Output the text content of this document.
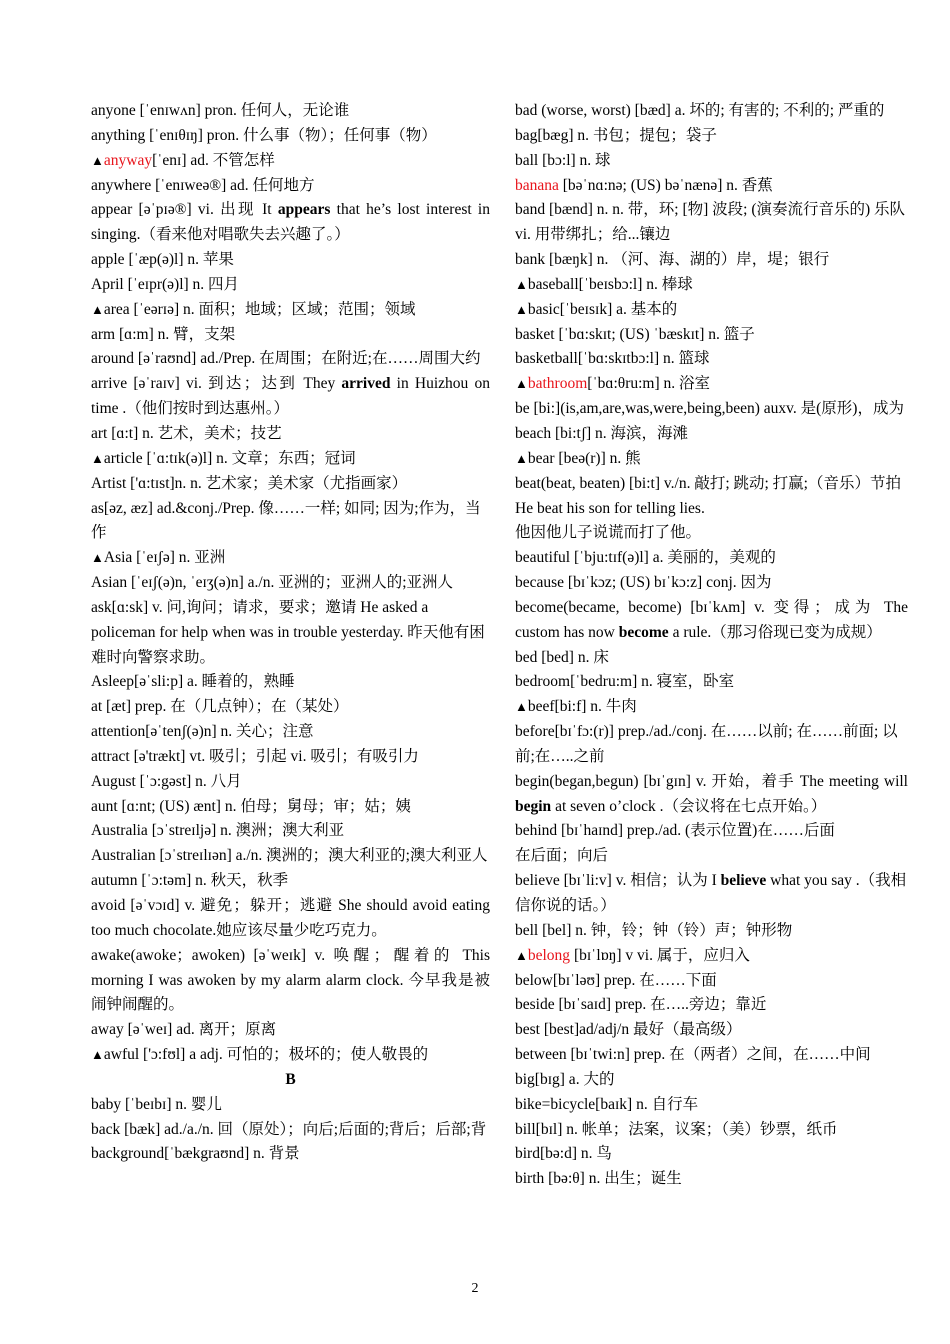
anyone [ˈenɪwʌn] pron. 任何人，无论谁
anything [ˈenɪθɪŋ] pron. 什么事（物）；任何事（物）
▲anyway[ˈenɪ] ad. 不管怎样
anywhere [ˈenɪweə®] ad. 任何地方
appear [əˈpɪə®] vi. 出现 It appears that he’s lost interest in singing.（看来他对唱歌失去兴趣了。）
apple [ˈæp(ə)l] n. 苹果
April [ˈeɪpr(ə)l] n. 四月
▲area [ˈeərɪə] n. 面积；地域；区域；范围；领域
arm [ɑ:m] n. 臂，支架
around [əˈraʊnd] ad./Prep. 在周围；在附近;在……周围大约
arrive [əˈraɪv] vi. 到达；达到 They arrived in Huizhou on time .（他们按时到达惠州。）
art [ɑ:t] n. 艺术，美术；技艺
▲article [ˈɑ:tɪk(ə)l] n. 文章；东西；冠词
Artist ['ɑ:tɪst]n. n. 艺术家；美术家（尤指画家）
as[əz, æz] ad.&conj./Prep. 像……一样; 如同; 因为;作为，当作
▲Asia [ˈeɪʃə] n. 亚洲
Asian [ˈeɪʃ(ə)n, ˈeɪʒ(ə)n] a./n. 亚洲的；亚洲人的;亚洲人
ask[ɑ:sk] v. 问,询问；请求，要求；邀请 He asked a policeman for help when was in trouble yesterday. 昨天他有困难时向警察求助。
Asleep[əˈsli:p] a. 睡着的，熟睡
at [æt] prep. 在（几点钟）；在（某处）
attention[əˈtenʃ(ə)n] n. 关心；注意
attract [ə'trækt] vt. 吸引；引起 vi. 吸引；有吸引力
August [ˈɔ:gəst] n. 八月
aunt [ɑ:nt; (US) ænt] n. 伯母；舅母；审；姑；姨
Australia [ɔˈstreɪljə] n. 澳洲；澳大利亚
Australian [ɔˈstreɪlɪən] a./n. 澳洲的；澳大利亚的;澳大利亚人
autumn [ˈɔ:təm] n. 秋天，秋季
avoid [əˈvɔɪd] v. 避免；躲开；逃避 She should avoid eating too much chocolate.她应该尽量少吃巧克力。
awake(awoke；awoken) [əˈweɪk] v. 唤醒；醒着的 This morning I was awoken by my alarm alarm clock. 今早我是被闹钟闹醒的。
away [əˈweɪ] ad. 离开；原离
▲awful ['ɔ:fʊl] a adj. 可怕的；极坏的；使人敬畏的
B
baby [ˈbeɪbɪ] n. 婴儿
back [bæk] ad./a./n. 回（原处）；向后;后面的;背后；后部;背
background[ˈbækgraʊnd] n. 背景
bad (worse, worst) [bæd] a. 坏的; 有害的; 不利的; 严重的
bag[bæg] n. 书包；提包；袋子
ball [bɔ:l] n. 球
banana [bəˈnɑ:nə; (US) bəˈnænə] n. 香蕉
band [bænd] n. n. 带，环; [物] 波段; (演奏流行音乐的) 乐队 vi. 用带绑扎；给...镶边
bank [bæŋk] n. （河、海、湖的）岸，堤；银行
▲baseball[ˈbeɪsbɔ:l] n. 棒球
▲basic[ˈbeɪsɪk] a. 基本的
basket [ˈbɑ:skɪt; (US) ˈbæskɪt] n. 篮子
basketball[ˈbɑ:skɪtbɔ:l] n. 篮球
▲bathroom[ˈbɑ:θru:m] n. 浴室
be [bi:](is,am,are,was,were,being,been) auxv. 是(原形)，成为
beach [bi:tʃ] n. 海滨，海滩
▲bear [beə(r)] n. 熊
beat(beat, beaten) [bi:t] v./n. 敲打; 跳动; 打赢;（音乐）节拍 He beat his son for telling lies.
他因他儿子说谎而打了他。
beautiful [ˈbju:tɪf(ə)l] a. 美丽的，美观的
because [bɪˈkɔz; (US) bɪˈkɔ:z] conj. 因为
become(became, become) [bɪˈkʌm] v. 变得；成为 The custom has now become a rule.（那习俗现已变为成规）
bed [bed] n. 床
bedroom[ˈbedru:m] n. 寝室，卧室
▲beef[bi:f] n. 牛肉
before[bɪˈfɔ:(r)] prep./ad./conj. 在……以前; 在……前面; 以前;在…..之前
begin(began,begun) [bɪˈgɪn] v. 开始，着手 The meeting will begin at seven o’clock .（会议将在七点开始。）
behind [bɪˈhaɪnd] prep./ad. (表示位置)在……后面
在后面；向后
believe [bɪˈli:v] v. 相信；认为 I believe what you say .（我相信你说的话。）
bell [bel] n. 钟，铃；钟（铃）声；钟形物
▲belong [bɪˈlɒŋ] v vi. 属于，应归入
below[bɪˈləʊ] prep. 在……下面
beside [bɪˈsaɪd] prep. 在…..旁边；靠近
best [best]ad/adj/n 最好（最高级）
between [bɪˈtwi:n] prep. 在（两者）之间，在……中间
big[bɪg] a. 大的
bike=bicycle[baɪk] n. 自行车
bill[bɪl] n. 帐单；法案，议案；（美）钞票，纸币
bird[bə:d] n. 鸟
birth [bə:θ] n. 出生；诞生
2
